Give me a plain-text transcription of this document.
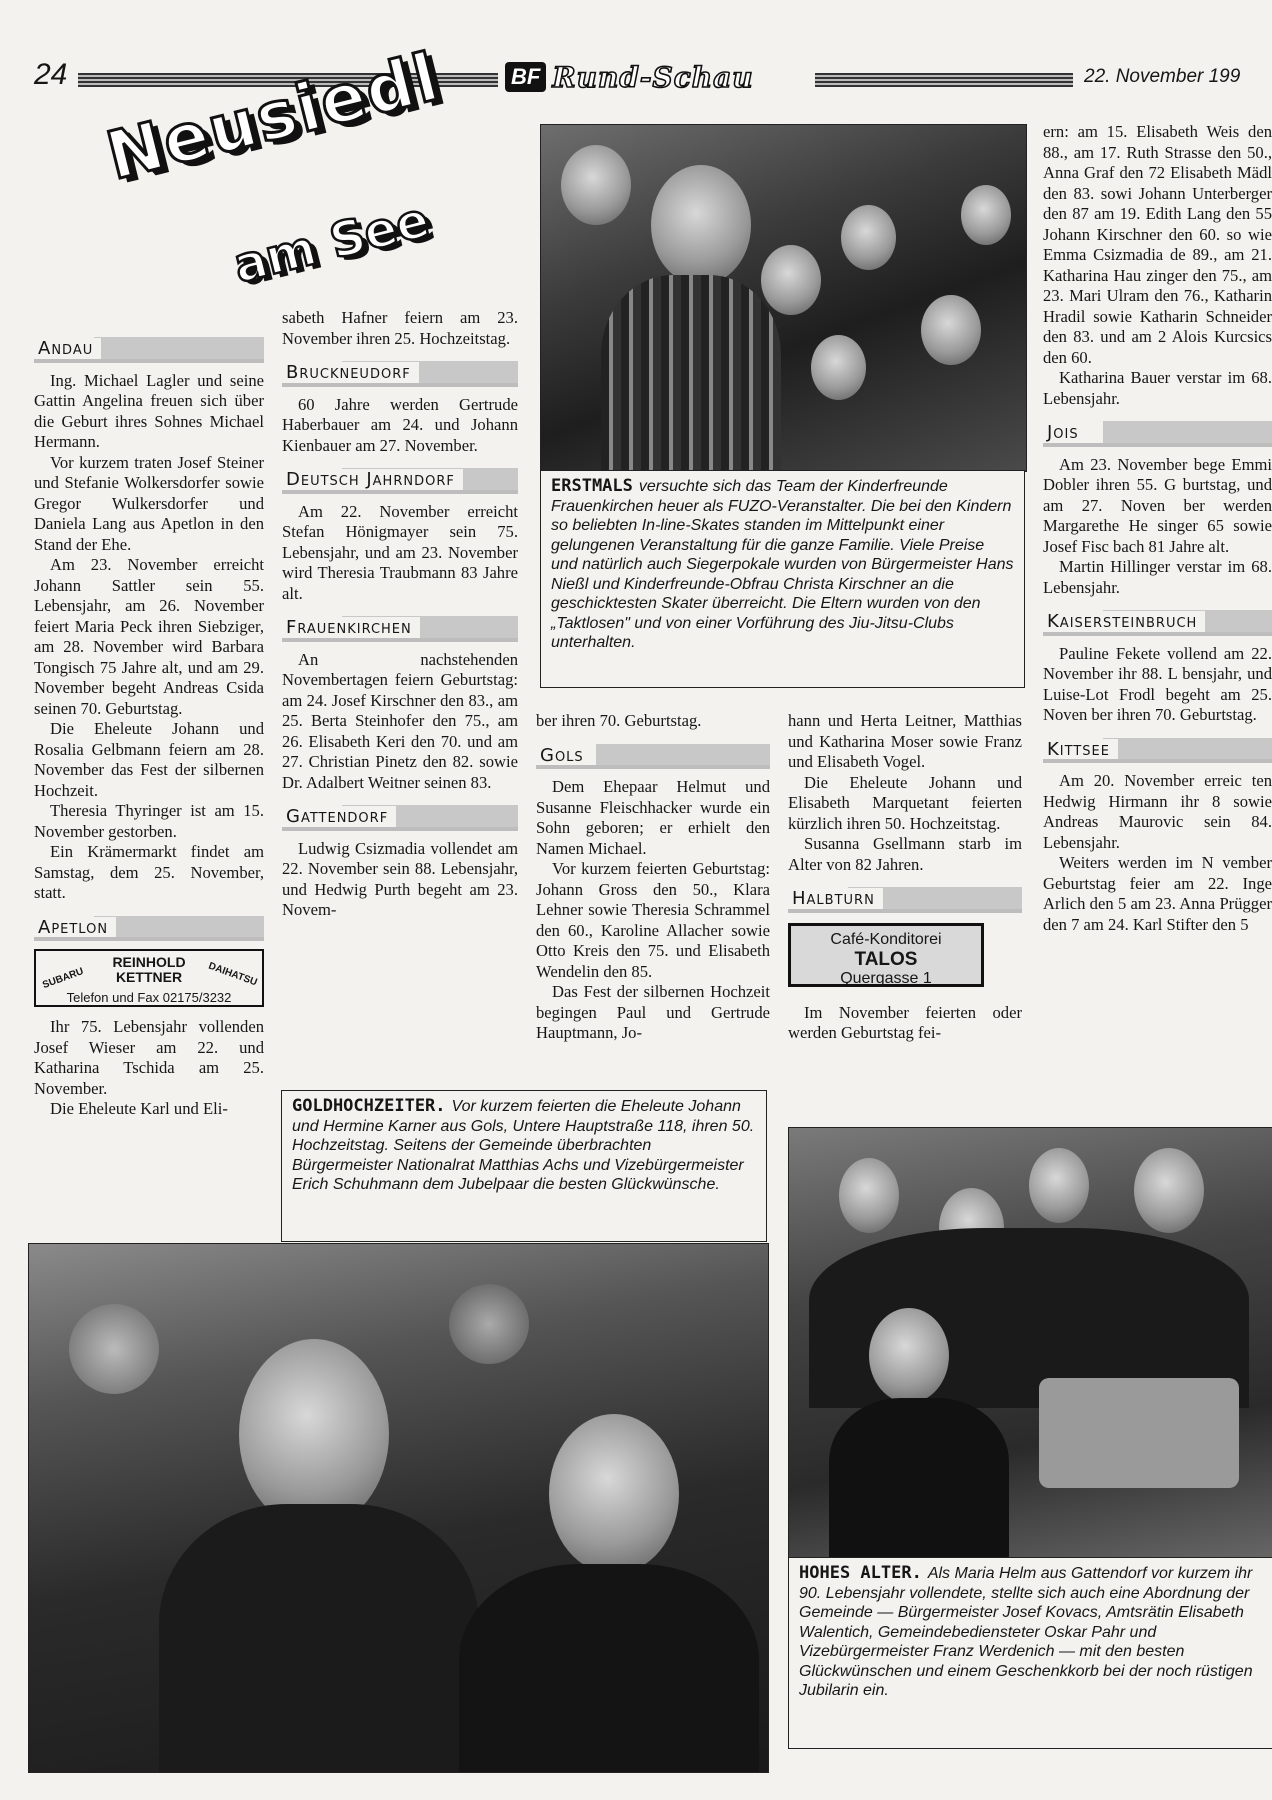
24	BF Rund-Schau	22. November 199
Neusiedl
am See
Andau

Ing. Michael Lagler und seine Gattin Angelina freuen sich über die Geburt ihres Sohnes Michael Hermann.

Vor kurzem traten Josef Steiner und Stefanie Wolkersdorfer sowie Gregor Wulkersdorfer und Daniela Lang aus Apetlon in den Stand der Ehe.

Am 23. November erreicht Johann Sattler sein 55. Lebensjahr, am 26. November feiert Maria Peck ihren Siebziger, am 28. November wird Barbara Tongisch 75 Jahre alt, und am 29. November begeht Andreas Csida seinen 70. Geburtstag.

Die Eheleute Johann und Rosalia Gelbmann feiern am 28. November das Fest der silbernen Hochzeit.

Theresia Thyringer ist am 15. November gestorben.

Ein Krämermarkt findet am Samstag, dem 25. November, statt.

Apetlon
SUBARU
REINHOLD
KETTNER	DAIHATSU
Telefon und Fax 02175/3232

Ihr 75. Lebensjahr vollenden Josef Wieser am 22. und Katharina Tschida am 25. November.

Die Eheleute Karl und Eli-

sabeth Hafner feiern am 23. November ihren 25. Hochzeitstag.

Bruckneudorf

60 Jahre werden Gertrude Haberbauer am 24. und Johann Kienbauer am 27. November.

Deutsch Jahrndorf

Am 22. November erreicht Stefan Hönigmayer sein 75. Lebensjahr, und am 23. November wird Theresia Traubmann 83 Jahre alt.

Frauenkirchen

An nachstehenden Novembertagen feiern Geburtstag: am 24. Josef Kirschner den 83., am 25. Berta Steinhofer den 75., am 26. Elisabeth Keri den 70. und am 27. Christian Pinetz den 82. sowie Dr. Adalbert Weitner seinen 83.

Gattendorf

Ludwig Csizmadia vollendet am 22. November sein 88. Lebensjahr, und Hedwig Purth begeht am 23. Novem-

ERSTMALS versuchte sich das Team der Kinderfreunde Frauenkirchen heuer als FUZO-Veranstalter. Die bei den Kindern so beliebten In-line-Skates standen im Mittelpunkt einer gelungenen Veranstaltung für die ganze Familie. Viele Preise und natürlich auch Siegerpokale wurden von Bürgermeister Hans Nießl und Kinderfreunde-Obfrau Christa Kirschner an die geschicktesten Skater überreicht. Die Eltern wurden von den „Taktlosen" und von einer Vorführung des Jiu-Jitsu-Clubs unterhalten.

ber ihren 70. Geburtstag.

Gols

Dem Ehepaar Helmut und Susanne Fleischhacker wurde ein Sohn geboren; er erhielt den Namen Michael.

Vor kurzem feierten Geburtstag: Johann Gross den 50., Klara Lehner sowie Theresia Schrammel den 60., Karoline Allacher sowie Otto Kreis den 75. und Elisabeth Wendelin den 85.

Das Fest der silbernen Hochzeit begingen Paul und Gertrude Hauptmann, Jo-

hann und Herta Leitner, Matthias und Katharina Moser sowie Franz und Elisabeth Vogel.

Die Eheleute Johann und Elisabeth Marquetant feierten kürzlich ihren 50. Hochzeitstag.

Susanna Gsellmann starb im Alter von 82 Jahren.

Halbturn
Café-Konditorei
TALOS
Quergasse 1

Im November feierten oder werden Geburtstag fei-

ern: am 15. Elisabeth Weis den 88., am 17. Ruth Strasse den 50., Anna Graf den 72 Elisabeth Mädl den 83. sowi Johann Unterberger den 87 am 19. Edith Lang den 55 Johann Kirschner den 60. so wie Emma Csizmadia de 89., am 21. Katharina Hau zinger den 75., am 23. Mari Ulram den 76., Katharin Hradil sowie Katharin Schneider den 83. und am 2 Alois Kurcsics den 60.

Katharina Bauer verstar im 68. Lebensjahr.

Jois

Am 23. November bege Emmi Dobler ihren 55. G burtstag, und am 27. Noven ber werden Margarethe He singer 65 sowie Josef Fisc bach 81 Jahre alt.

Martin Hillinger verstar im 68. Lebensjahr.

Kaisersteinbruch

Pauline Fekete vollend am 22. November ihr 88. L bensjahr, und Luise-Lot Frodl begeht am 25. Noven ber ihren 70. Geburtstag.

Kittsee

Am 20. November erreic ten Hedwig Hirmann ihr 8 sowie Andreas Maurovic sein 84. Lebensjahr.

Weiters werden im N vember Geburtstag feier am 22. Inge Arlich den 5 am 23. Anna Prügger den 7 am 24. Karl Stifter den 5

GOLDHOCHZEITER. Vor kurzem feierten die Eheleute Johann und Hermine Karner aus Gols, Untere Hauptstraße 118, ihren 50. Hochzeitstag. Seitens der Gemeinde überbrachten Bürgermeister Nationalrat Matthias Achs und Vizebürgermeister Erich Schuhmann dem Jubelpaar die besten Glückwünsche.
HOHES ALTER. Als Maria Helm aus Gattendorf vor kurzem ihr 90. Lebensjahr vollendete, stellte sich auch eine Abordnung der Gemeinde — Bürgermeister Josef Kovacs, Amtsrätin Elisabeth Walentich, Gemeindebediensteter Oskar Pahr und Vizebürgermeister Franz Werdenich — mit den besten Glückwünschen und einem Geschenkkorb bei der noch rüstigen Jubilarin ein.
